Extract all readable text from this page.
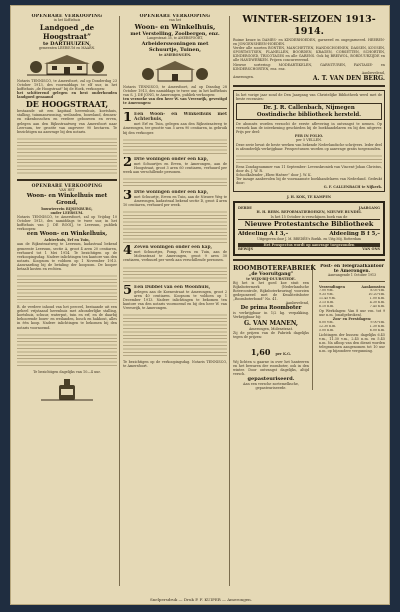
OPENBARE VERKOOPING
in het Koffiehuis
Landgoed „de Hoogstraat”
te DARTHUIZEN,
gemeenten LEERSUM en MAARN.
Notaris TENNISCO, te Amersfoort, zal op Donderdag 23 October 1913, des voormiddags te elf uur, in het koffiehuis „de Hoogstraat” bij de Hoek, verkoopen:
het schitterend gelegen en best onderhouden landgoed genaamd
DE HOOGSTRAAT,
bestaande uit een kapitaal heerenhuis, koetshuis, stalling, tuinmanswoning, weilanden, bouwland, dennen- en eikenbosschen en verdere gebouwen en erven, gelegen aan den Rijksstraatweg van Amersfoort naar Leersum, ter grootte van ongeveer 90 hectaren. Te bezichtigen na aanvrage bij den notaris.
OPENBARE VERKOOPING
VAN HET
Woon- en Winkelhuis met Grond,
bouwterrein RIJSENBURG,
onder LEERSUM.
Notaris TENNISCO, te Amersfoort, zal op Vrijdag 10 October 1913, des namiddags te twee uur, in het koffiehuis van J. DE ROOIJ, te Leersum, publiek verkoopen:
een Woon- en Winkelhuis,
Achterhuis, Erf en Tuin,
aan de Rijksstraatweg te Leersum, kadastraal bekend gemeente Leersum, sectie A, groot 4 aren 20 centiaren, verhuurd tot 1 Mei 1914. Te bezichtigen op de verkoopingsdag. Nadere inlichtingen ten kantore van den notaris. Koopsom te voldoen op 1 November 1913. Aanvaarding bij de betaling der koopsom. De kooper betaalt kosten en rechten.
B. de verdere inhoud van het perceel, bestaande uit een geheel vrijstaand herenhuis met afzonderlijke stalling, koetshuis, schuur, waterput, tuin en erf, en de daarbij behoorende bouw- en weilanden, bosch en hakhout, alles in één koop. Nadere inlichtingen te bekomen bij den notaris voornoemd.
Te bezichtigen dagelijks van 10—4 uur.
OPENBARE VERKOOPING
van het
Woon- en Winkelhuis,
met Verstelling, Zoolbergen, enz.
Langestraat 35, te AMERSFOORT,
Arbeiderswoningen met
Schuurtje, Tuinen,
te AMERONGEN.
Notaris TENNISCO, te Amersfoort, zal op Dinsdag 28 October 1913, des namiddags te twee uur, in het koffiehuis van S. J. DE JONG, te Amerongen, publiek verkoopen:
ten verzoeke van den heer W. van Vreeswijk, gevestigd te Amerongen:
1 Een Woon- en Winkelhuis met Achterhuis,
met Erf en Tuin, gelegen aan den Rijksstraatweg te Amerongen, ter grootte van 5 aren 90 centiaren, in gebruik bij den verkooper.
2 Drie woningen onder één kap,
met Schuurtjes en Erven, te Amerongen, aan de Hoogstraat, groot 3 aren 60 centiaren, verhuurd per week aan verschillende personen.
3 Drie woningen onder één kap,
met Schuurtje, Erven en Tuin, aan de Nieuwe Weg te Amerongen, kadastraal bekend sectie D, groot 4 aren 10 centiaren, verhuurd per week.
4 Zeven woningen onder één kap,
met Schuurtjes, Pomp, Erven en Tuin, aan de Molenstraat te Amerongen, groot 9 aren 30 centiaren, verhuurd per week aan verschillende personen.
5 Een Dubbel van een Woonhuis,
gelegen aan de Koenestraat te Amerongen, groot 2 aren 40 centiaren. Koopsom te voldoen op 1 December 1913. Nadere inlichtingen te bekomen ten kantore van den notaris voornoemd en bij den heer W. van Vreeswijk, te Amerongen.
Te bezichtigen op de verkoopingsdag. Notaris TENNISCO, te Amersfoort.
WINTER-SEIZOEN 1913-1914.
Ruime keuze in DAMES- en KINDERHOEDEN, garneerd en ongegarneerd. HEEREN- en JONGENSHEEN-HOEDEN.
Verder alle soorten BONTEN, MANCHETTEN, HANDSCHOENEN, DASSEN, KOUSEN, SPORTMUTSEN, FLANELLEN, BOORDEN, KRAGEN, CORSETTEN, SCHORTEN, KINDERGOED, TRICOTAGES en alle GARENS. Ook bij BREIWOL, BORDUURZIJDE en alle HANDWERKEN. Prijzen concurreerend.
Nieuwe sortering: MODEARTIKELEN, GARNITUREN, FANTASIE- en KINDERSCHORTEN, enz. enz.
Aanbevelend,
Amerongen.	A. T. VAN DEN BERG.
In het vorige jaar zond de Den Jaargang van Christelijke Bibliotheek werd met de beste recensies:
Dr. J. R. Callenbach, Nijmegen
Oostindische bibliotheek hersteld.
De abonnés worden verzocht de eerste aflevering in ontvangst te nemen. Op verzoek kan de inteekening geschieden bij de boekhandelaren en bij den uitgever. Prijs per deel:
PER IN FOLIO.
per 5 VELLEN.
Deze serie bevat de beste werken van bekende Nederlandsche schrijvers. Ieder deel is afzonderlijk verkrijgbaar. Prospectussen worden op aanvrage gratis toegezonden.
Eens Zondagnummer van 11 September: Levenskroniek van Vincent-Johan Christus, door ds. J. W. R.
Schoolkalender „Eben-Haëzer” door J. W. K.
Ter inzage aanbevolen bij de voornaamste boekhandelaren van Nederland. Gedrukt door:
G. F. CALLENBACH te Nijkerk.
J. H. KOK, TE KAMPEN
DERDE	JAARGANG
H. H. BERN. REFORMATIEBOEKEN, NIEUWE BUNDEL
Is het 15 October is verschijnen boek van de
Nieuwe Protestantsche Bibliotheek
Afdeeling A f 3,–	Afdeeling B f 5,–
Uitgegeven door J. M. BREDÉE's Boekh. en Uitg.Mij. Rotterdam
Het Prospectus wordt op aanvrage toegezonden
BEWIJS	VAN ONS
ROOMBOTERFABRIEK
„de Vooruitgang”
te WIJK-BIJ-DUURSTEDE.
Bij het is het goed koe stuit een Rijksbotermerk (Nederlandsche Botercontrole, Rijksboterkeuring) voorzien gedeponeerd met de Kwaliteitsboter „Roomboterbond” No. 41.
Aanbevelend,
De prima Roomboter
is verkrijgbaar in 1/2 kg. verpakking. Verkrijgbaar bij:
G. VAN MANEN,
Amerongen, Molenstraat.
Zij de prijzen van de Fabriek dagelijks tegen de prijzen:
1,60 per K.G.
Wij lichten u gaarne in over het hanteeren en het bewaren der roomboter, ook in den winter. Door ontvangst dagelijks, altijd versch.
gepasteuriseerd.
Aan een versche zoetemelksche, gepasteuriseerde.
Post- en Telegraafkantoor
te Amerongen.
Aanvangende 1 October 1913
Verzendingen	Aankomsten
7.00 v.m.	8.05 v.m.
9.35 v.m.	10.20 v.m.
11.45 v.m.	1.00 n.m.
3.15 n.m.	4.30 n.m.
6.10 n.m.	7.45 n.m.
Op Werkdagen: Van 8 uur v.m. tot 9 uur n.m. (onafgebroken).
Zon- en Feestdagen:
8.00 v.m.	9.00 v.m.
12.30 n.m.	1.30 n.m.
5.00 n.m.	6.00 n.m.
Lichtingen der bussen: dagelijks 6.45 v.m., 11.30 v.m., 2.45 n.m. en 5.45 n.m. Na afloop van den dienst worden telegrammen aangenomen tot 10 uur n.m. op bijzondere vergunning.
Snelpersdruk — Druk P. F. KUIPER — Amerongen.
